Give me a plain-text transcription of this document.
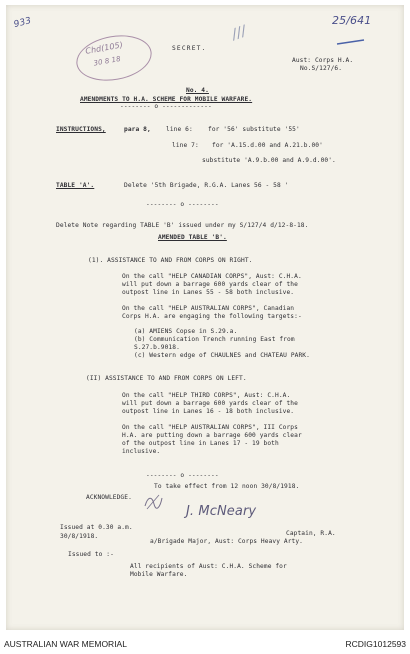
933	25/641
///
Chd(105)
30 8 18
SECRET.
Aust: Corps H.A.
No.S/127/6.
No. 4.
AMENDMENTS TO H.A. SCHEME FOR MOBILE WARFARE.
-------- o -------------
INSTRUCTIONS,	para 8, line 6: for '56' substitute '55'
line 7: for 'A.15.d.00 and A.21.b.00'
substitute 'A.9.b.00 and A.9.d.00'.
TABLE 'A'.	Delete '5th Brigade, R.G.A. Lanes 56 - 58 '
-------- o --------
Delete Note regarding TABLE 'B' issued under my S/127/4 d/12-8-18.
AMENDED TABLE 'B'.
(1). ASSISTANCE TO AND FROM CORPS ON RIGHT.
On the call "HELP CANADIAN CORPS", Aust: C.H.A.
will put down a barrage 600 yards clear of the
outpost line in Lanes 55 - 58 both inclusive.
On the call "HELP AUSTRALIAN CORPS", Canadian
Corps H.A. are engaging the following targets:-
(a) AMIENS Copse in S.29.a.
(b) Communication Trench running East from
S.27.b.9018.
(c) Western edge of CHAULNES and CHATEAU PARK.
(II) ASSISTANCE TO AND FROM CORPS ON LEFT.
On the call "HELP THIRD CORPS", Aust: C.H.A.
will put down a barrage 600 yards clear of the
outpost line in Lanes 16 - 18 both inclusive.
On the call "HELP AUSTRALIAN CORPS", III Corps
H.A. are putting down a barrage 600 yards clear
of the outpost line in Lanes 17 - 19 both
inclusive.
-------- o --------
To take effect from 12 noon 30/8/1918.
ACKNOWLEDGE.
J. McNeary
Issued at 0.30 a.m.
30/8/1918.	Captain, R.A.
a/Brigade Major, Aust: Corps Heavy Arty.
Issued to :-
All recipients of Aust: C.H.A. Scheme for
Mobile Warfare.
AUSTRALIAN WAR MEMORIAL	RCDIG1012593
